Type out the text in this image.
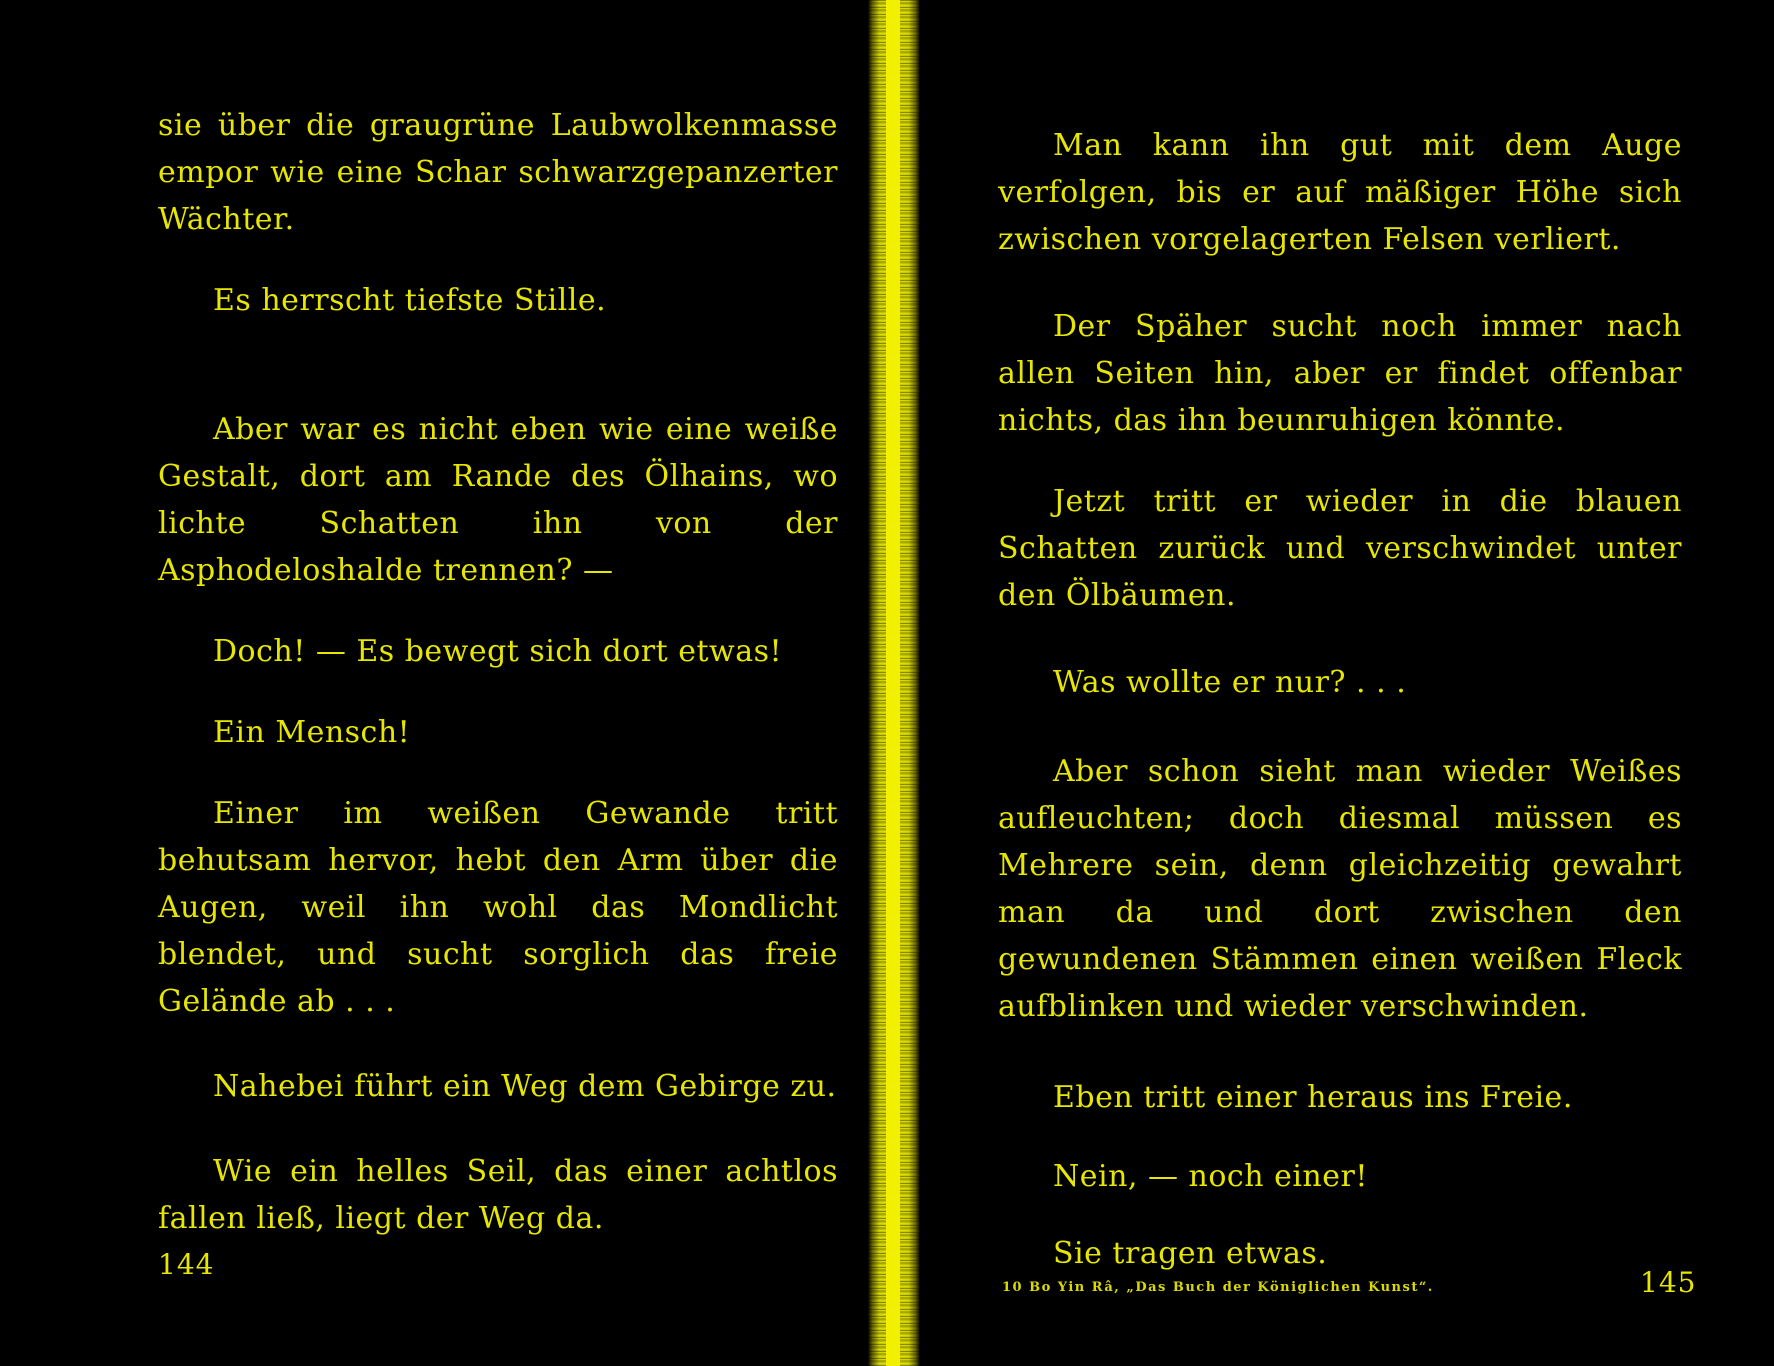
sie über die graugrüne Laubwolkenmasse empor wie eine Schar schwarzgepanzerter Wächter.

Es herrscht tiefste Stille.

Aber war es nicht eben wie eine weiße Gestalt, dort am Rande des Ölhains, wo lichte Schatten ihn von der Asphodeloshalde trennen? —

Doch! — Es bewegt sich dort etwas!

Ein Mensch!

Einer im weißen Gewande tritt behutsam hervor, hebt den Arm über die Augen, weil ihn wohl das Mondlicht blendet, und sucht sorglich das freie Gelände ab . . .

Nahebei führt ein Weg dem Gebirge zu.

Wie ein helles Seil, das einer achtlos fallen ließ, liegt der Weg da.

144

Man kann ihn gut mit dem Auge verfolgen, bis er auf mäßiger Höhe sich zwischen vorgelagerten Felsen verliert.

Der Späher sucht noch immer nach allen Seiten hin, aber er findet offenbar nichts, das ihn beunruhigen könnte.

Jetzt tritt er wieder in die blauen Schatten zurück und verschwindet unter den Ölbäumen.

Was wollte er nur? . . .

Aber schon sieht man wieder Weißes aufleuchten; doch diesmal müssen es Mehrere sein, denn gleichzeitig gewahrt man da und dort zwischen den gewundenen Stämmen einen weißen Fleck aufblinken und wieder verschwinden.

Eben tritt einer heraus ins Freie.

Nein, — noch einer!

Sie tragen etwas.

10 Bo Yin Râ, „Das Buch der Königlichen Kunst“.	145
